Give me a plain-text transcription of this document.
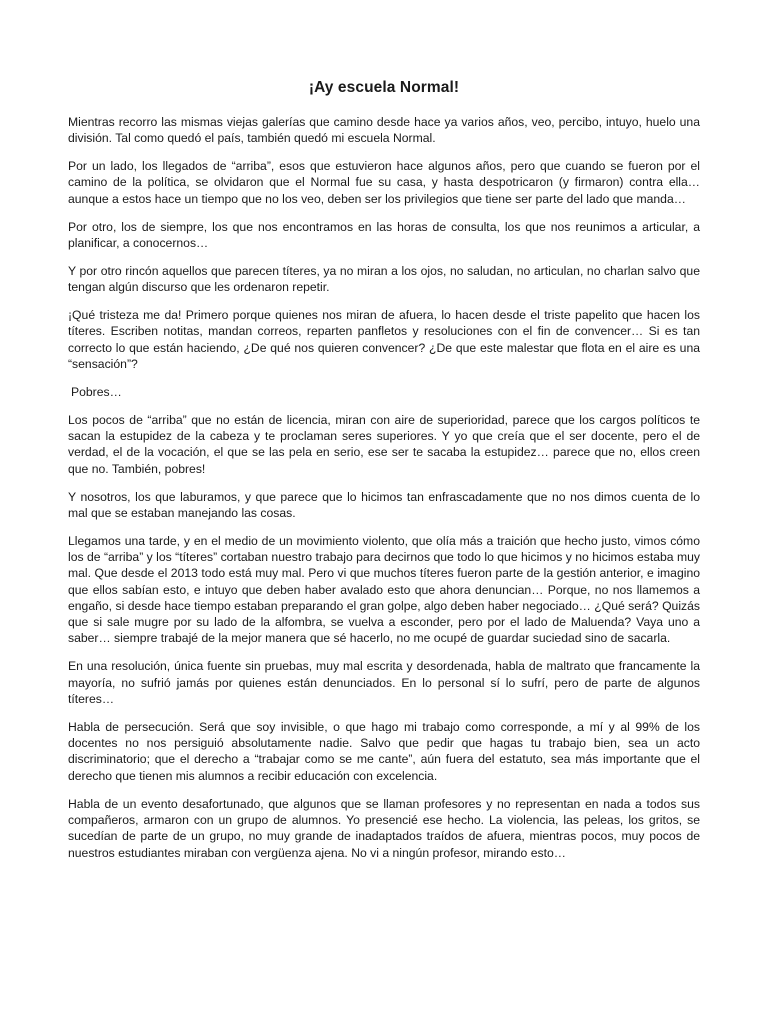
¡Ay escuela Normal!

Mientras recorro las mismas viejas galerías que camino desde hace ya varios años, veo, percibo, intuyo, huelo una división. Tal como quedó el país, también quedó mi escuela Normal.

Por un lado, los llegados de “arriba”, esos que estuvieron hace algunos años, pero que cuando se fueron por el camino de la política, se olvidaron que el Normal fue su casa, y hasta despotricaron (y firmaron) contra ella… aunque a estos hace un tiempo que no los veo, deben ser los privilegios que tiene ser parte del lado que manda…

Por otro, los de siempre, los que nos encontramos en las horas de consulta, los que nos reunimos a articular, a planificar, a conocernos…

Y por otro rincón aquellos que parecen títeres, ya no miran a los ojos, no saludan, no articulan, no charlan salvo que tengan algún discurso que les ordenaron repetir.

¡Qué tristeza me da! Primero porque quienes nos miran de afuera, lo hacen desde el triste papelito que hacen los títeres. Escriben notitas, mandan correos, reparten panfletos y resoluciones con el fin de convencer… Si es tan correcto lo que están haciendo, ¿De qué nos quieren convencer? ¿De que este malestar que flota en el aire es una “sensación”?

Pobres…

Los pocos de “arriba” que no están de licencia, miran con aire de superioridad, parece que los cargos políticos te sacan la estupidez de la cabeza y te proclaman seres superiores. Y yo que creía que el ser docente, pero el de verdad, el de la vocación, el que se las pela en serio, ese ser te sacaba la estupidez… parece que no, ellos creen que no. También, pobres!

Y nosotros, los que laburamos, y que parece que lo hicimos tan enfrascadamente que no nos dimos cuenta de lo mal que se estaban manejando las cosas.

Llegamos una tarde, y en el medio de un movimiento violento, que olía más a traición que hecho justo, vimos cómo los de “arriba” y los “títeres” cortaban nuestro trabajo para decirnos que todo lo que hicimos y no hicimos estaba muy mal. Que desde el 2013 todo está muy mal. Pero vi que muchos títeres fueron parte de la gestión anterior, e imagino que ellos sabían esto, e intuyo que deben haber avalado esto que ahora denuncian… Porque, no nos llamemos a engaño, si desde hace tiempo estaban preparando el gran golpe, algo deben haber negociado… ¿Qué será? Quizás que si sale mugre por su lado de la alfombra, se vuelva a esconder, pero por el lado de Maluenda? Vaya uno a saber… siempre trabajé de la mejor manera que sé hacerlo, no me ocupé de guardar suciedad sino de sacarla.

En una resolución, única fuente sin pruebas, muy mal escrita y desordenada, habla de maltrato que francamente la mayoría, no sufrió jamás por quienes están denunciados. En lo personal sí lo sufrí, pero de parte de algunos títeres…

Habla de persecución. Será que soy invisible, o que hago mi trabajo como corresponde, a mí y al 99% de los docentes no nos persiguió absolutamente nadie. Salvo que pedir que hagas tu trabajo bien, sea un acto discriminatorio; que el derecho a “trabajar como se me cante”, aún fuera del estatuto, sea más importante que el derecho que tienen mis alumnos a recibir educación con excelencia.

Habla de un evento desafortunado, que algunos que se llaman profesores y no representan en nada a todos sus compañeros, armaron con un grupo de alumnos. Yo presencié ese hecho. La violencia, las peleas, los gritos, se sucedían de parte de un grupo, no muy grande de inadaptados traídos de afuera, mientras pocos, muy pocos de nuestros estudiantes miraban con vergüenza ajena. No vi a ningún profesor, mirando esto…
